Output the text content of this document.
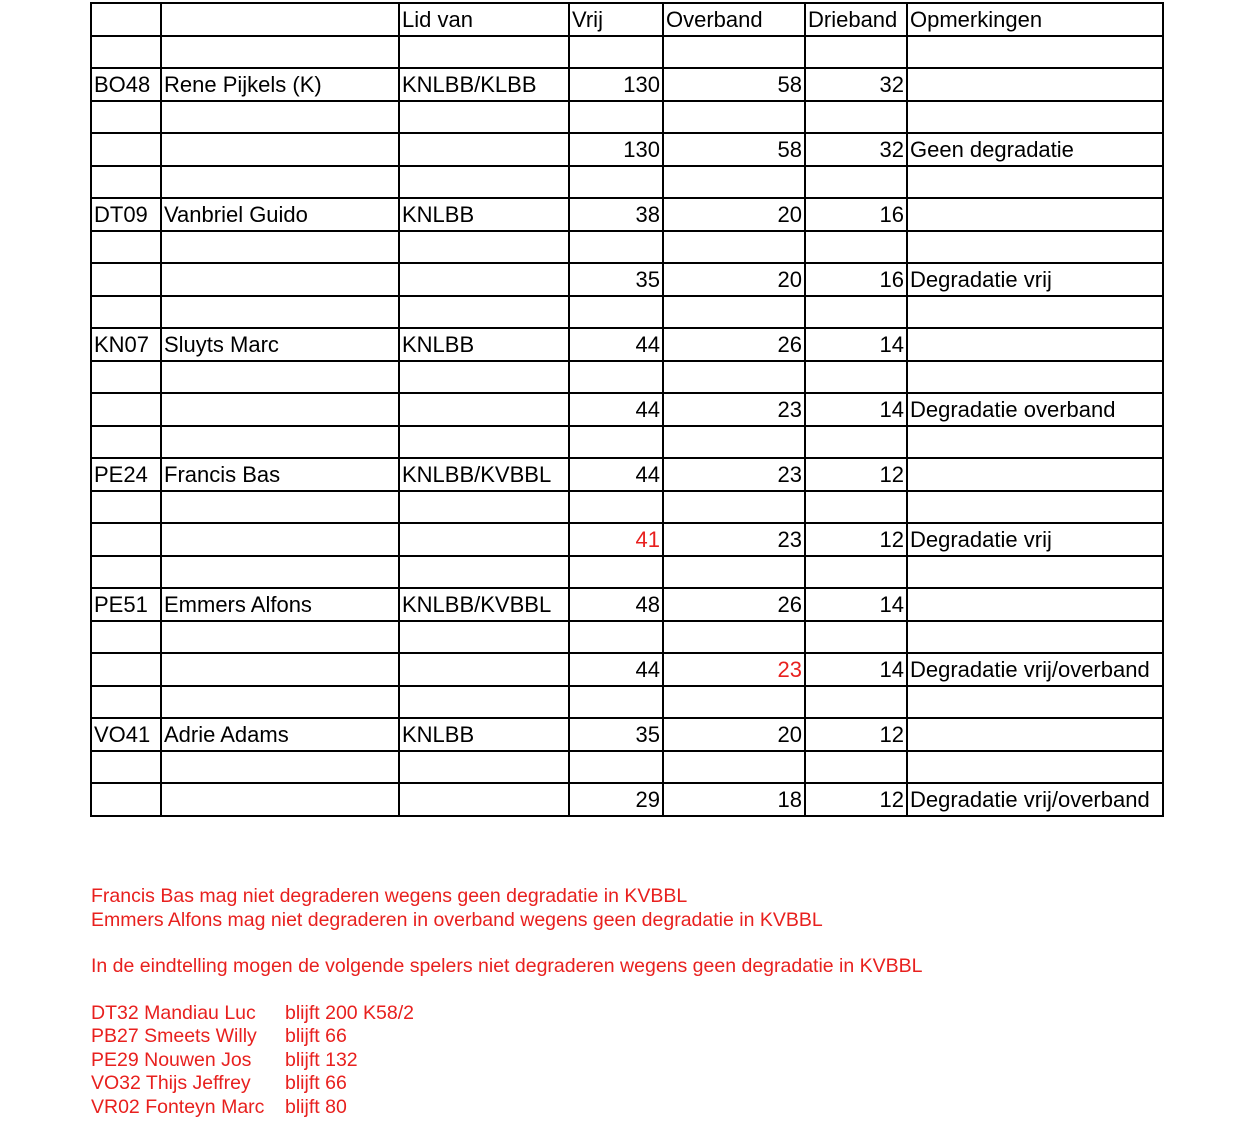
		Lid van	Vrij	Overband	Drieband	Opmerkingen

BO48	Rene Pijkels (K)	KNLBB/KLBB	130	58	32	

			130	58	32	Geen degradatie

DT09	Vanbriel Guido	KNLBB	38	20	16	

			35	20	16	Degradatie vrij

KN07	Sluyts Marc	KNLBB	44	26	14	

			44	23	14	Degradatie overband

PE24	Francis Bas	KNLBB/KVBBL	44	23	12	

			41	23	12	Degradatie vrij

PE51	Emmers Alfons	KNLBB/KVBBL	48	26	14	

			44	23	14	Degradatie vrij/overband

VO41	Adrie Adams	KNLBB	35	20	12	

			29	18	12	Degradatie vrij/overband
Francis Bas mag niet degraderen wegens geen degradatie in KVBBL
Emmers Alfons mag niet degraderen in overband wegens geen degradatie in KVBBL
In de eindtelling mogen de volgende spelers niet degraderen wegens geen degradatie in KVBBL
DT32 Mandiau Luc blijft 200 K58/2
PB27 Smeets Willy blijft 66
PE29 Nouwen Jos blijft 132
VO32 Thijs Jeffrey blijft 66
VR02 Fonteyn Marc blijft 80
